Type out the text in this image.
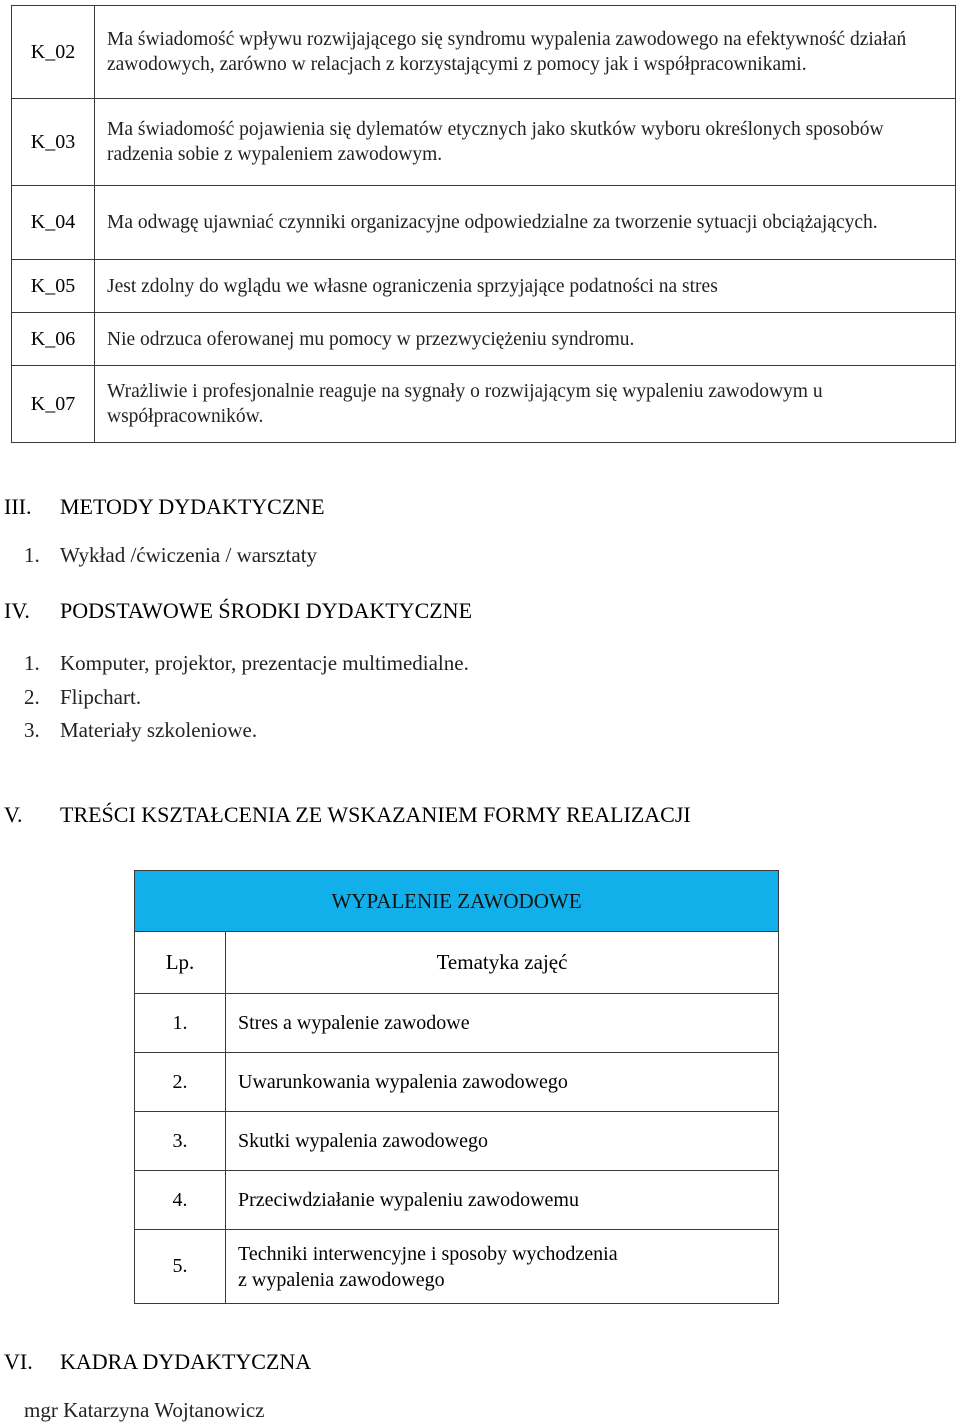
K_02	Ma świadomość wpływu rozwijającego się syndromu wypalenia zawodowego na efektywność działań zawodowych, zarówno w relacjach z korzystającymi z pomocy jak i współpracownikami.
K_03	Ma świadomość pojawienia się dylematów etycznych jako skutków wyboru określonych sposobów radzenia sobie z wypaleniem zawodowym.
K_04	Ma odwagę ujawniać czynniki organizacyjne odpowiedzialne za tworzenie sytuacji obciążających.
K_05	Jest zdolny do wglądu we własne ograniczenia sprzyjające podatności na stres
K_06	Nie odrzuca oferowanej mu pomocy w przezwyciężeniu syndromu.
K_07	Wrażliwie i profesjonalnie reaguje na sygnały o rozwijającym się wypaleniu zawodowym u współpracowników.
III. METODY DYDAKTYCZNE
1. Wykład /ćwiczenia / warsztaty
IV. PODSTAWOWE ŚRODKI DYDAKTYCZNE
1. Komputer, projektor, prezentacje multimedialne.
2. Flipchart.
3. Materiały szkoleniowe.
V. TREŚCI KSZTAŁCENIA ZE WSKAZANIEM FORMY REALIZACJI
WYPALENIE ZAWODOWE	
Lp.	Tematyka zajęć
1.	Stres a wypalenie zawodowe
2.	Uwarunkowania wypalenia zawodowego
3.	Skutki wypalenia zawodowego
4.	Przeciwdziałanie wypaleniu zawodowemu
5.	Techniki interwencyjne i sposoby wychodzenia
z wypalenia zawodowego
VI. KADRA DYDAKTYCZNA
mgr Katarzyna Wojtanowicz
